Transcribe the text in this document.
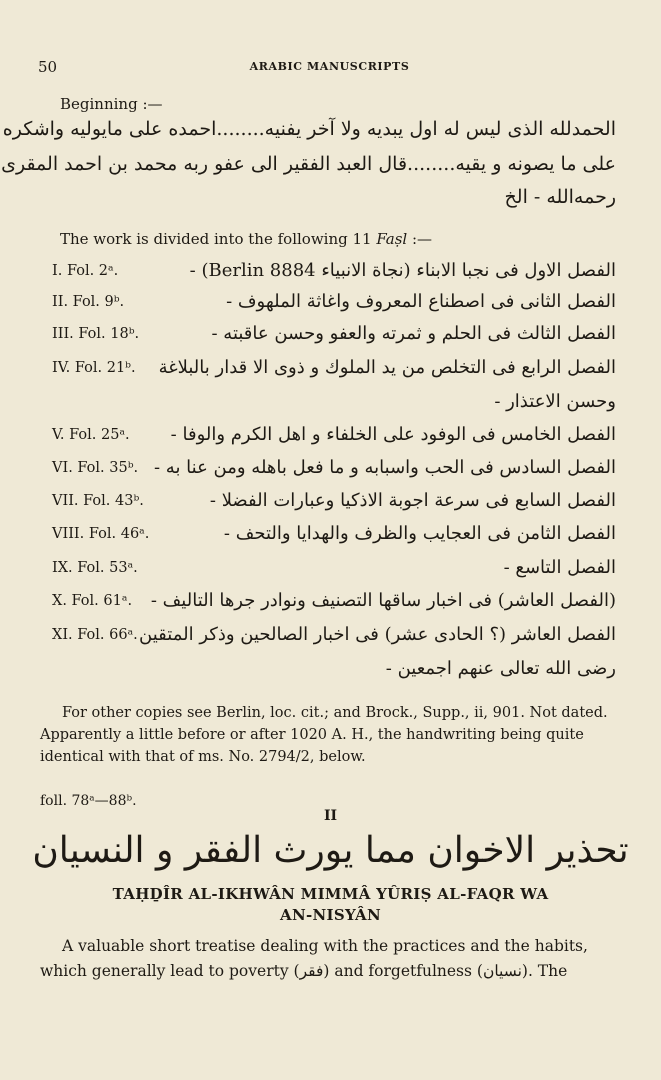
50	ARABIC MANUSCRIPTS
Beginning :—
الحمدلله الذی لیس له اول یبدیه ولا آخر یفنیه........احمده علی مایولیه واشکره
علی ما یصونه و یقیه........قال العبد الفقیر الی عفو ربه محمد بن احمد المقری
رحمه‌الله - الخ
The work is divided into the following 11 Faṣl :—
I. Fol. 2ᵃ.	الفصل الاول فی نجبا الابناء (نجاة الانبیاء Berlin 8884) -
II. Fol. 9ᵇ.	الفصل الثانی فی اصطناع المعروف واغاثة الملهوف -
III. Fol. 18ᵇ.	الفصل الثالث فی الحلم و ثمرته والعفو وحسن عاقبته -
IV. Fol. 21ᵇ. الفصل الرابع فی التخلص من ید الملوك و ذوی الا قدار بالبلاغة
وحسن الاعتذار -
V. Fol. 25ᵃ. الفصل الخامس فی الوفود علی الخلفاء و اهل الکرم والوفا -
VI. Fol. 35ᵇ. الفصل السادس فی الحب واسبابه و ما فعل باهله ومن عنا به -
VII. Fol. 43ᵇ.	الفصل السابع فی سرعة اجوبة الاذکیا وعبارات الفضلا -
VIII. Fol. 46ᵃ.	الفصل الثامن فی العجایب والظرف والهدایا والتحف -
IX. Fol. 53ᵃ.	الفصل التاسع -
X. Fol. 61ᵃ. (الفصل العاشر) فی اخبار ساقها التصنیف ونوادر جرها التالیف -
XI. Fol. 66ᵃ. الفصل العاشر (؟ الحادی عشر) فی اخبار الصالحین وذکر المتقین
رضی الله تعالی عنهم اجمعین -
For other copies see Berlin, loc. cit.; and Brock., Supp., ii, 901. Not dated. Apparently a little before or after 1020 A. H., the handwriting being quite identical with that of ms. No. 2794/2, below.
foll. 78ᵃ—88ᵇ.
II
تحذیر الاخوان مما یورث الفقر و النسیان
TAḤḎÎR AL-IKHWÂN MIMMÂ YÛRIṢ AL-FAQR WA
AN-NISYÂN
A valuable short treatise dealing with the practices and the habits, which generally lead to poverty (فقر) and forgetfulness (نسیان). The
